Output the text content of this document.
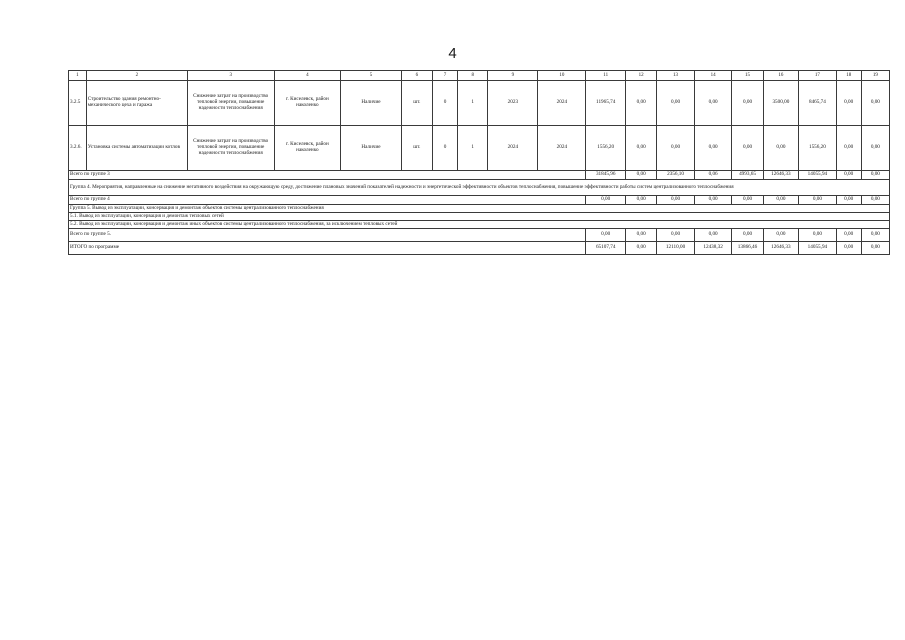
4
1	2	3	4	5	6	7	8	9	10	11	12	13	14	15	16	17	18	19
3.2.5	Строительство здания ремонтно-механического цеха и гаража	Снижение затрат на производство тепловой энергии, повышение надежности теплоснабжения	г. Киселевск, район наколенко	Наличие	шт.	0	1	2023	2024	11965,74	0,00	0,00	0,00	0,00	3500,00	8465,74	0,00	0,00
3.2.6.	Установка системы автоматизации котлов	Снижение затрат на производство тепловой энергии, повышение надежности теплоснабжения	г. Киселевск, район наколенко	Наличие	шт.	0	1	2024	2024	1556,20	0,00	0,00	0,00	0,00	0,00	1556,20	0,00	0,00
Всего по группе 3										31845,96	0,00	2356,10	0,06	4993,65	12646,33	14055,94	0,00	0,00
Группа 4. Мероприятия, направленные на снижение негативного воздействия на окружающую среду, достижение плановых значений показателей надежности и энергетической эффективности объектов теплоснабжения, повышение эффективности работы систем централизованного теплоснабжения																		
Всего по группе 4										0,00	0,00	0,00	0,00	0,00	0,00	0,00	0,00	0,00
Группа 5. Вывод из эксплуатации, консервация и демонтаж объектов системы централизованного теплоснабжения																		
5.1. Вывод из эксплуатации, консервация и демонтаж тепловых сетей																		
5.2. Вывод из эксплуатации, консервация и демонтаж иных объектов системы централизованного теплоснабжения, за исключением тепловых сетей																		
Всего по группе 5.										0,00	0,00	0,00	0,00	0,00	0,00	0,00	0,00	0,00
ИТОГО по программе										65107,74	0,00	12110,00	12438,32	13866,46	12646,33	14055,94	0,00	0,00
